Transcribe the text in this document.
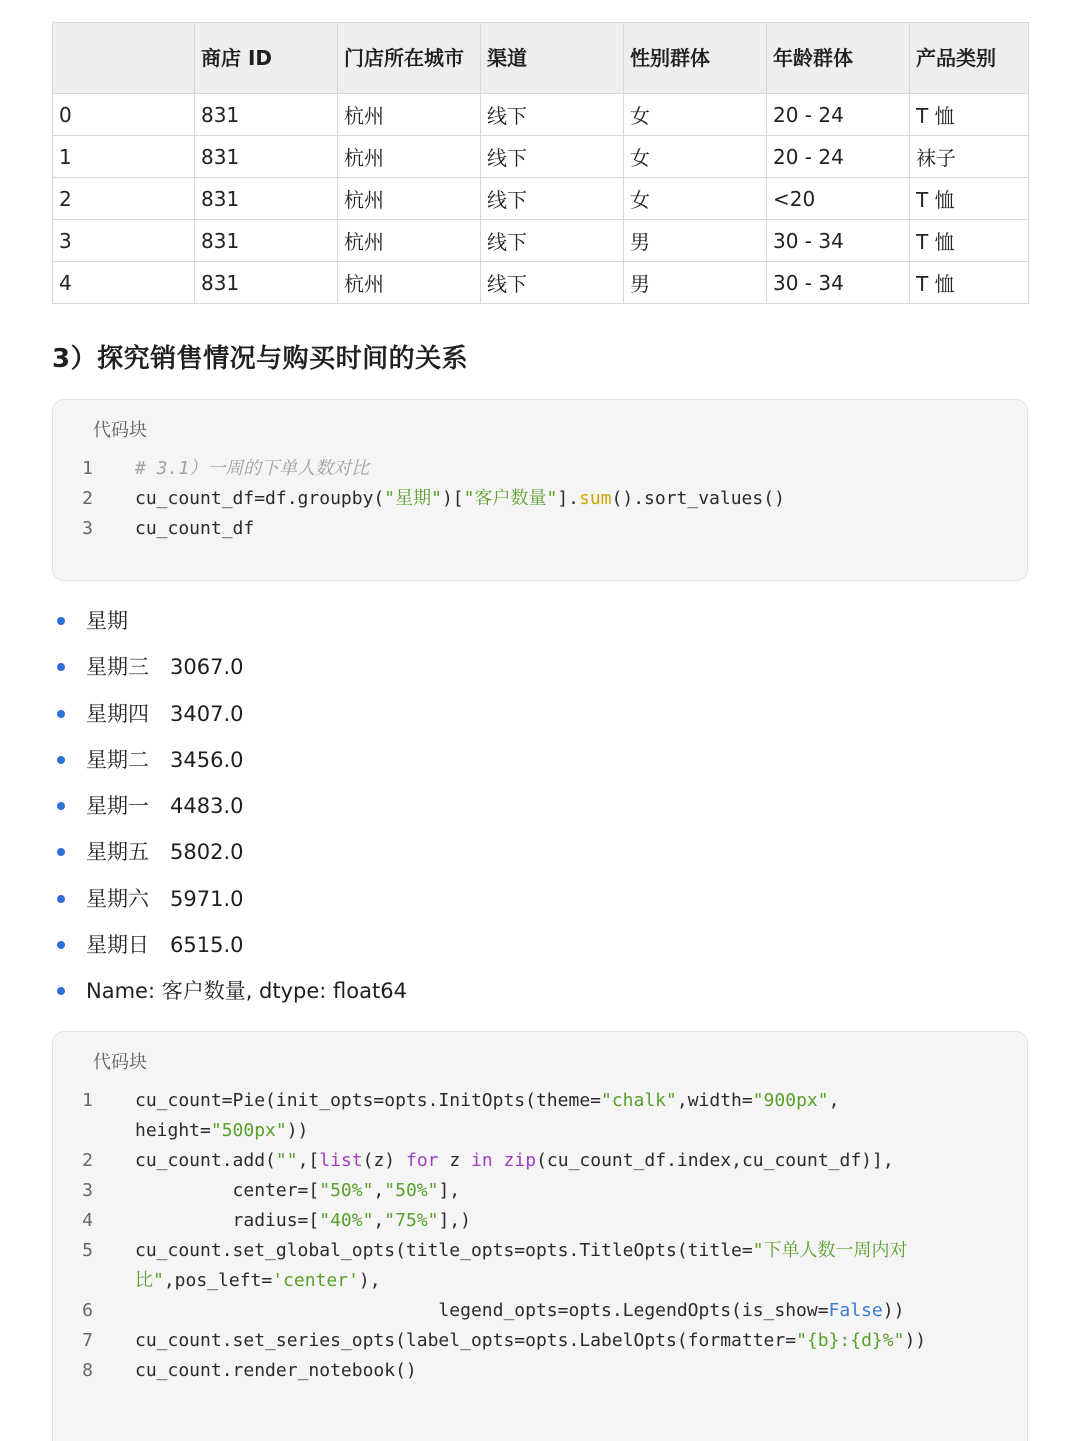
	商店 ID	门店所在城市	渠道	性别群体	年龄群体	产品类别
0	831	杭州	线下	女	20 - 24	T 恤
1	831	杭州	线下	女	20 - 24	袜子
2	831	杭州	线下	女	<20	T 恤
3	831	杭州	线下	男	30 - 34	T 恤
4	831	杭州	线下	男	30 - 34	T 恤
3）探究销售情况与购买时间的关系
代码块
1	# 3.1）一周的下单人数对比
2	cu_count_df=df.groupby("星期")["客户数量"].sum().sort_values()
3	cu_count_df
星期
星期三 3067.0
星期四 3407.0
星期二 3456.0
星期一 4483.0
星期五 5802.0
星期六 5971.0
星期日 6515.0
Name: 客户数量, dtype: float64
代码块
1	cu_count=Pie(init_opts=opts.InitOpts(theme="chalk",width="900px",
height="500px"))
2	cu_count.add("",[list(z) for z in zip(cu_count_df.index,cu_count_df)],
3	center=["50%","50%"],
4	radius=["40%","75%"],)
5	cu_count.set_global_opts(title_opts=opts.TitleOpts(title="下单人数一周内对
比",pos_left='center'),
6	legend_opts=opts.LegendOpts(is_show=False))
7	cu_count.set_series_opts(label_opts=opts.LabelOpts(formatter="{b}:{d}%"))
8	cu_count.render_notebook()
